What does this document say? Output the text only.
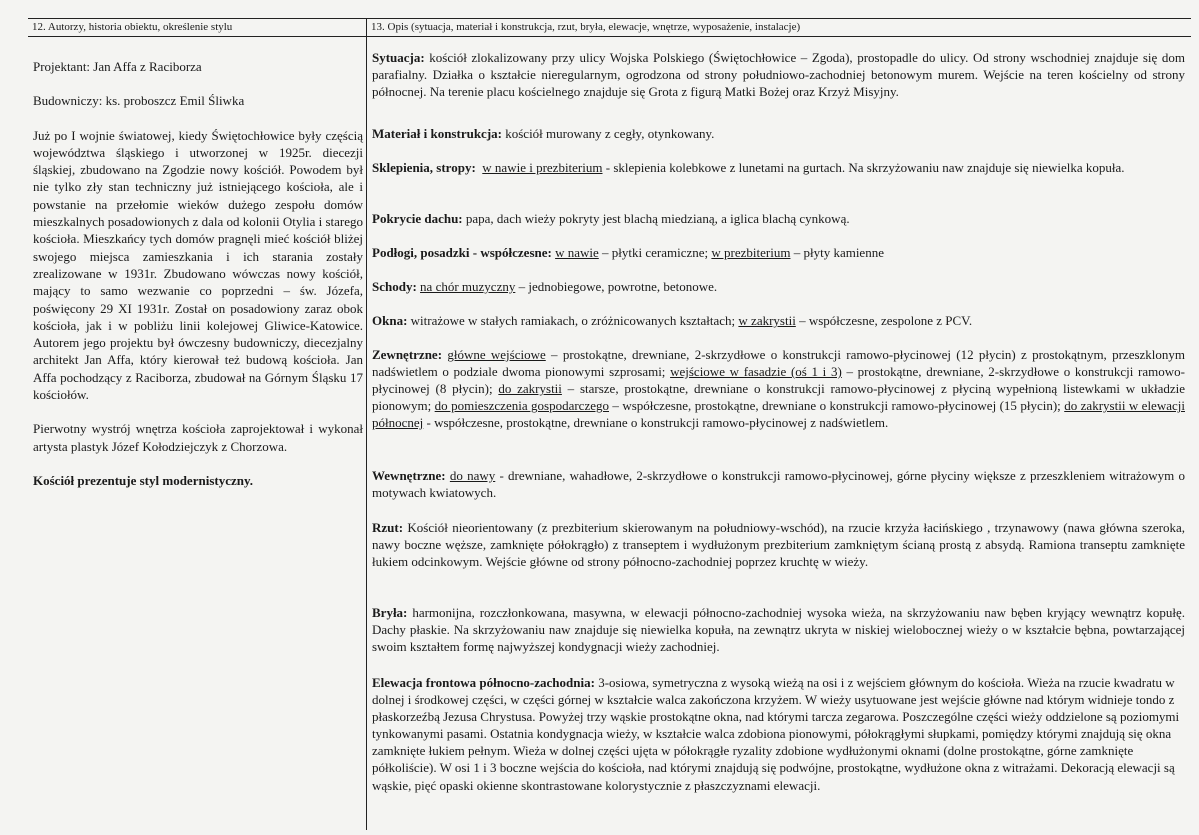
12. Autorzy, historia obiektu, określenie stylu	13. Opis (sytuacja, materiał i konstrukcja, rzut, bryła, elewacje, wnętrze, wyposażenie, instalacje)

Projektant: Jan Affa z Raciborza

Budowniczy: ks. proboszcz Emil Śliwka

Już po I wojnie światowej, kiedy Świętochłowice były częścią województwa śląskiego i utworzonej w 1925r. diecezji śląskiej, zbudowano na Zgodzie nowy kościół. Powodem był nie tylko zły stan techniczny już istniejącego kościoła, ale i powstanie na przełomie wieków dużego zespołu domów mieszkalnych posadowionych z dala od kolonii Otylia i starego kościoła. Mieszkańcy tych domów pragnęli mieć kościół bliżej swojego miejsca zamieszkania i ich starania zostały zrealizowane w 1931r. Zbudowano wówczas nowy kościół, mający to samo wezwanie co poprzedni – św. Józefa, poświęcony 29 XI 1931r. Został on posadowiony zaraz obok kościoła, jak i w pobliżu linii kolejowej Gliwice-Katowice. Autorem jego projektu był ówczesny budowniczy, diecezjalny architekt Jan Affa, który kierował też budową kościoła. Jan Affa pochodzący z Raciborza, zbudował na Górnym Śląsku 17 kościołów.

Pierwotny wystrój wnętrza kościoła zaprojektował i wykonał artysta plastyk Józef Kołodziejczyk z Chorzowa.

Kościół prezentuje styl modernistyczny.

Sytuacja: kościół zlokalizowany przy ulicy Wojska Polskiego (Świętochłowice – Zgoda), prostopadle do ulicy. Od strony wschodniej znajduje się dom parafialny. Działka o kształcie nieregularnym, ogrodzona od strony południowo-zachodniej betonowym murem. Wejście na teren kościelny od strony północnej. Na terenie placu kościelnego znajduje się Grota z figurą Matki Bożej oraz Krzyż Misyjny.
Materiał i konstrukcja: kościół murowany z cegły, otynkowany.
Sklepienia, stropy: w nawie i prezbiterium - sklepienia kolebkowe z lunetami na gurtach. Na skrzyżowaniu naw znajduje się niewielka kopuła.
Pokrycie dachu: papa, dach wieży pokryty jest blachą miedzianą, a iglica blachą cynkową.
Podłogi, posadzki - współczesne: w nawie – płytki ceramiczne; w prezbiterium – płyty kamienne
Schody: na chór muzyczny – jednobiegowe, powrotne, betonowe.
Okna: witrażowe w stałych ramiakach, o zróżnicowanych kształtach; w zakrystii – współczesne, zespolone z PCV.
Zewnętrzne: główne wejściowe – prostokątne, drewniane, 2-skrzydłowe o konstrukcji ramowo-płycinowej (12 płycin) z prostokątnym, przeszklonym nadświetlem o podziale dwoma pionowymi szprosami; wejściowe w fasadzie (oś 1 i 3) – prostokątne, drewniane, 2-skrzydłowe o konstrukcji ramowo-płycinowej (8 płycin); do zakrystii – starsze, prostokątne, drewniane o konstrukcji ramowo-płycinowej z płyciną wypełnioną listewkami w układzie pionowym; do pomieszczenia gospodarczego – współczesne, prostokątne, drewniane o konstrukcji ramowo-płycinowej (15 płycin); do zakrystii w elewacji północnej - współczesne, prostokątne, drewniane o konstrukcji ramowo-płycinowej z nadświetlem.
Wewnętrzne: do nawy - drewniane, wahadłowe, 2-skrzydłowe o konstrukcji ramowo-płycinowej, górne płyciny większe z przeszkleniem witrażowym o motywach kwiatowych.
Rzut: Kościół nieorientowany (z prezbiterium skierowanym na południowy-wschód), na rzucie krzyża łacińskiego , trzynawowy (nawa główna szeroka, nawy boczne węższe, zamknięte półokrągło) z transeptem i wydłużonym prezbiterium zamkniętym ścianą prostą z absydą. Ramiona transeptu zamknięte łukiem odcinkowym. Wejście główne od strony północno-zachodniej poprzez kruchtę w wieży.
Bryła: harmonijna, rozczłonkowana, masywna, w elewacji północno-zachodniej wysoka wieża, na skrzyżowaniu naw bęben kryjący wewnątrz kopułę. Dachy płaskie. Na skrzyżowaniu naw znajduje się niewielka kopuła, na zewnątrz ukryta w niskiej wielobocznej wieży o w kształcie bębna, powtarzającej swoim kształtem formę najwyższej kondygnacji wieży zachodniej.
Elewacja frontowa północno-zachodnia: 3-osiowa, symetryczna z wysoką wieżą na osi i z wejściem głównym do kościoła. Wieża na rzucie kwadratu w dolnej i środkowej części, w części górnej w kształcie walca zakończona krzyżem. W wieży usytuowane jest wejście główne nad którym widnieje tondo z płaskorzeźbą Jezusa Chrystusa. Powyżej trzy wąskie prostokątne okna, nad którymi tarcza zegarowa. Poszczególne części wieży oddzielone są poziomymi tynkowanymi pasami. Ostatnia kondygnacja wieży, w kształcie walca zdobiona pionowymi, półokrągłymi słupkami, pomiędzy którymi znajdują się okna zamknięte łukiem pełnym. Wieża w dolnej części ujęta w półokrągłe ryzality zdobione wydłużonymi oknami (dolne prostokątne, górne zamknięte półkoliście). W osi 1 i 3 boczne wejścia do kościoła, nad którymi znajdują się podwójne, prostokątne, wydłużone okna z witrażami. Dekoracją elewacji są wąskie, pięć opaski okienne skontrastowane kolorystycznie z płaszczyznami elewacji.
